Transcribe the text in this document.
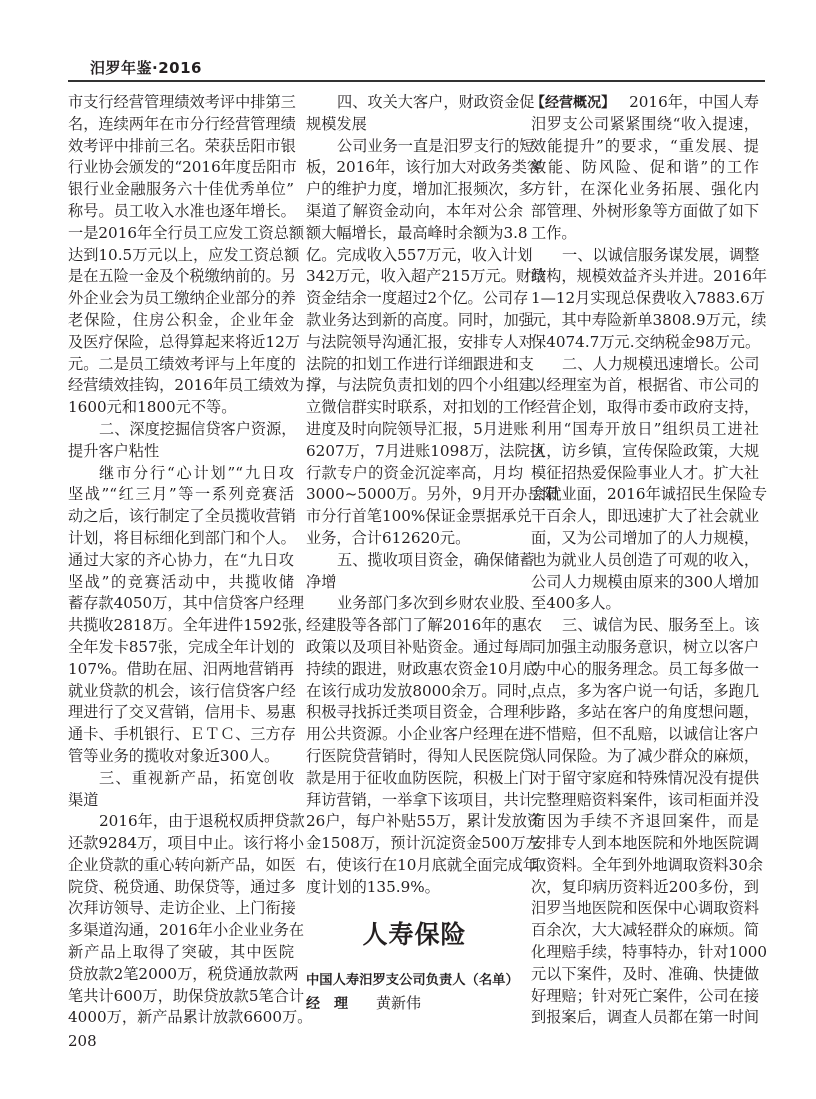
汨罗年鉴·2016
市支行经营管理绩效考评中排第三
名，连续两年在市分行经营管理绩
效考评中排前三名。荣获岳阳市银
行业协会颁发的“2016年度岳阳市
银行业金融服务六十佳优秀单位”
称号。员工收入水准也逐年增长。
一是2016年全行员工应发工资总额
达到10.5万元以上，应发工资总额
是在五险一金及个税缴纳前的。另
外企业会为员工缴纳企业部分的养
老保险，住房公积金，企业年金
及医疗保险，总得算起来将近12万
元。二是员工绩效考评与上年度的
经营绩效挂钩，2016年员工绩效为
1600元和1800元不等。
二、深度挖掘信贷客户资源，
提升客户粘性
继市分行“心计划”“九日攻
坚战”“红三月”等一系列竞赛活
动之后，该行制定了全员揽收营销
计划，将目标细化到部门和个人。
通过大家的齐心协力，在“九日攻
坚战”的竞赛活动中，共揽收储
蓄存款4050万，其中信贷客户经理
共揽收2818万。全年进件1592张，
全年发卡857张，完成全年计划的
107%。借助在屈、汨两地营销再
就业贷款的机会，该行信贷客户经
理进行了交叉营销，信用卡、易惠
通卡、手机银行、ＥＴＣ、三方存
管等业务的揽收对象近300人。
三、重视新产品，拓宽创收
渠道
2016年，由于退税权质押贷款
还款9284万，项目中止。该行将小
企业贷款的重心转向新产品，如医
院贷、税贷通、助保贷等，通过多
次拜访领导、走访企业、上门衔接
多渠道沟通，2016年小企业业务在
新产品上取得了突破，其中医院
贷放款2笔2000万，税贷通放款两
笔共计600万，助保贷放款5笔合计
4000万，新产品累计放款6600万。
四、攻关大客户，财政资金促
规模发展
公司业务一直是汨罗支行的短
板，2016年，该行加大对政务类客
户的维护力度，增加汇报频次，多
渠道了解资金动向，本年对公余
额大幅增长，最高峰时余额为3.8
亿。完成收入557万元，收入计划
342万元，收入超产215万元。财政
资金结余一度超过2个亿。公司存
款业务达到新的高度。同时，加强
与法院领导沟通汇报，安排专人对
法院的扣划工作进行详细跟进和支
撑，与法院负责扣划的四个小组建
立微信群实时联系，对扣划的工作
进度及时向院领导汇报，5月进账
6207万，7月进账1098万，法院执
行款专户的资金沉淀率高，月均
3000~5000万。另外，9月开办岳阳
市分行首笔100%保证金票据承兑
业务，合计612620元。
五、揽收项目资金，确保储蓄
净增
业务部门多次到乡财农业股、
经建股等各部门了解2016年的惠农
政策以及项目补贴资金。通过每周
持续的跟进，财政惠农资金10月底
在该行成功发放8000余万。同时，
积极寻找拆迁类项目资金，合理利
用公共资源。小企业客户经理在进
行医院贷营销时，得知人民医院贷
款是用于征收血防医院，积极上门
拜访营销，一举拿下该项目，共计
26户，每户补贴55万，累计发放资
金1508万，预计沉淀资金500万左
右，使该行在10月底就全面完成年
度计划的135.9%。
【经营概况】 2016年，中国人寿
汨罗支公司紧紧围绕“收入提速，
效能提升”的要求，“重发展、提
效能、防风险、促和谐”的工作
方针，在深化业务拓展、强化内
部管理、外树形象等方面做了如下
工作。
一、以诚信服务谋发展，调整
结构，规模效益齐头并进。2016年
1—12月实现总保费收入7883.6万
元，其中寿险新单3808.9万元，续
保4074.7万元.交纳税金98万元。
二、人力规模迅速增长。公司
以经理室为首，根据省、市公司的
经营企划，取得市委市政府支持，
利用“国寿开放日”组织员工进社
区，访乡镇，宣传保险政策，大规
模征招热爱保险事业人才。扩大社
会就业面，2016年诚招民生保险专
干百余人，即迅速扩大了社会就业
面，又为公司增加了的人力规模，
也为就业人员创造了可观的收入，
公司人力规模由原来的300人增加
至400多人。
三、诚信为民、服务至上。该
司加强主动服务意识，树立以客户
为中心的服务理念。员工每多做一
点点，多为客户说一句话，多跑几
步路，多站在客户的角度想问题，
不惜赔，但不乱赔，以诚信让客户
认同保险。为了减少群众的麻烦，
对于留守家庭和特殊情况没有提供
完整理赔资料案件，该司柜面并没
有因为手续不齐退回案件，而是
安排专人到本地医院和外地医院调
取资料。全年到外地调取资料30余
次，复印病历资料近200多份，到
汨罗当地医院和医保中心调取资料
百余次，大大减轻群众的麻烦。简
化理赔手续，特事特办，针对1000
元以下案件，及时、准确、快捷做
好理赔；针对死亡案件，公司在接
到报案后，调查人员都在第一时间
人寿保险
中国人寿汨罗支公司负责人（名单）
经理 黄新伟
208
